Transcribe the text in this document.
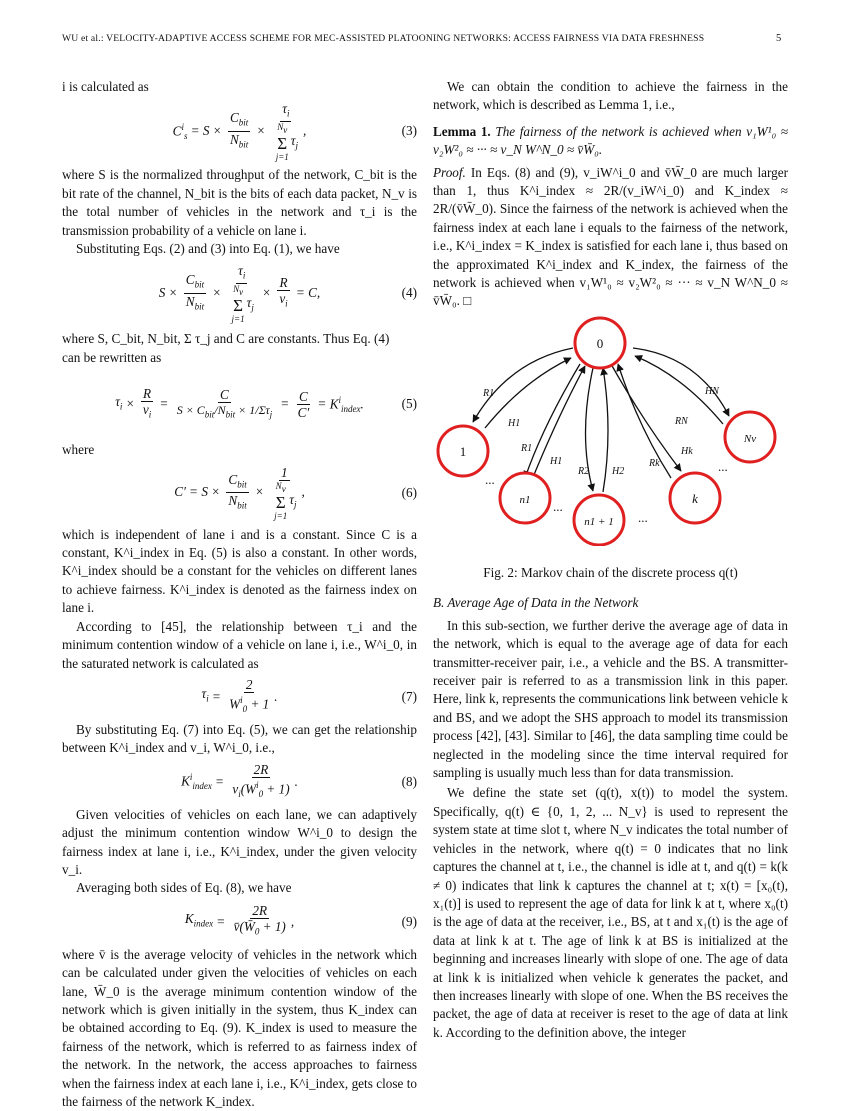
WU et al.: VELOCITY-ADAPTIVE ACCESS SCHEME FOR MEC-ASSISTED PLATOONING NETWORKS: ACCESS FAIRNESS VIA DATA FRESHNESS	5

i is calculated as

$C^i_s = S \times \frac{C_{bit}}{N_{bit}} \times \tau_i$
$N_v$
Σ
j=1
$\tau_j$ ,	(3)

where S is the normalized throughput of the network, C_bit is the bit rate of the channel, N_bit is the bits of each data packet, N_v is the total number of vehicles in the network and τ_i is the transmission probability of a vehicle on lane i.

Substituting Eqs. (2) and (3) into Eq. (1), we have

$S \times \frac{C_{bit}}{N_{bit}} \times \tau_i$
$N_v$
Σ
j=1
$\tau_j \times \frac{R}{v_i} = C$,	(4)

where S, C_bit, N_bit, Σ τ_j and C are constants. Thus Eq. (4)

can be rewritten as

$\tau_i \times \frac{R}{v_i} = \frac{C}{S \times C_{bit}/N_{bit} \times 1/\Sigma\tau_j} = \frac{C}{C'} = K^i_{index}$.	(5)

where

$C' = S \times \frac{C_{bit}}{N_{bit}} \times 1$
$N_v$
Σ
j=1
$\tau_j$ ,	(6)

which is independent of lane i and is a constant. Since C is a constant, K^i_index in Eq. (5) is also a constant. In other words, K^i_index should be a constant for the vehicles on different lanes to achieve fairness. K^i_index is denoted as the fairness index on lane i.

According to [45], the relationship between τ_i and the minimum contention window of a vehicle on lane i, i.e., W^i_0, in the saturated network is calculated as

$\tau_i = \frac{2}{W^i_0 + 1}$ .	(7)

By substituting Eq. (7) into Eq. (5), we can get the relationship between K^i_index and v_i, W^i_0, i.e.,

$K^i_{index} = \frac{2R}{v_i(W^i_0 + 1)}$ .	(8)

Given velocities of vehicles on each lane, we can adaptively adjust the minimum contention window W^i_0 to design the fairness index at lane i, i.e., K^i_index, under the given velocity v_i.

Averaging both sides of Eq. (8), we have

$K_{index} = \frac{2R}{v̄(W̄_0 + 1)}$ ,	(9)

where v̄ is the average velocity of vehicles in the network which can be calculated under given the velocities of vehicles on each lane, W̄_0 is the average minimum contention window of the network which is given initially in the system, thus K_index can be obtained according to Eq. (9). K_index is used to measure the fairness of the network, which is referred to as fairness index of the network. In the network, the access approaches to fairness when the fairness index at each lane i, i.e., K^i_index, gets close to the fairness of the network K_index.

We can obtain the condition to achieve the fairness in the network, which is described as Lemma 1, i.e.,

Lemma 1. The fairness of the network is achieved when v₁W¹₀ ≈ v₂W²₀ ≈ ··· ≈ v_N W^N_0 ≈ v̄W̄₀.

Proof. In Eqs. (8) and (9), v_iW^i_0 and v̄W̄_0 are much larger than 1, thus K^i_index ≈ 2R/(v_iW^i_0) and K_index ≈ 2R/(v̄W̄_0). Since the fairness of the network is achieved when the fairness index at each lane i equals to the fairness of the network, i.e., K^i_index = K_index is satisfied for each lane i, thus based on the approximated K^i_index and K_index, the fairness of the network is achieved when v₁W¹₀ ≈ v₂W²₀ ≈ ··· ≈ v_N W^N_0 ≈ v̄W̄₀. □

0
1
n1
n1 + 1
k
Nv
R1
H1
R1
H1
R2 H2
Rk
Hk
RN
HN
...
...
...
...
Fig. 2: Markov chain of the discrete process q(t)
B. Average Age of Data in the Network

In this sub-section, we further derive the average age of data in the network, which is equal to the average age of data for each transmitter-receiver pair, i.e., a vehicle and the BS. A transmitter-receiver pair is referred to as a transmission link in this paper. Here, link k, represents the communications link between vehicle k and BS, and we adopt the SHS approach to model its transmission process [42], [43]. Similar to [46], the data sampling time could be neglected in the modeling since the time interval required for sampling is usually much less than for data transmission.

We define the state set (q(t), x(t)) to model the system. Specifically, q(t) ∈ {0, 1, 2, ... N_v} is used to represent the system state at time slot t, where N_v indicates the total number of vehicles in the network, where q(t) = 0 indicates that no link captures the channel at t, i.e., the channel is idle at t, and q(t) = k(k ≠ 0) indicates that link k captures the channel at t; x(t) = [x₀(t), x₁(t)] is used to represent the age of data for link k at t, where x₀(t) is the age of data at the receiver, i.e., BS, at t and x₁(t) is the age of data at link k at t. The age of link k at BS is initialized at the beginning and increases linearly with slope of one. The age of data at link k is initialized when vehicle k generates the packet, and then increases linearly with slope of one. When the BS receives the packet, the age of data at receiver is reset to the age of data at link k. According to the definition above, the integer
